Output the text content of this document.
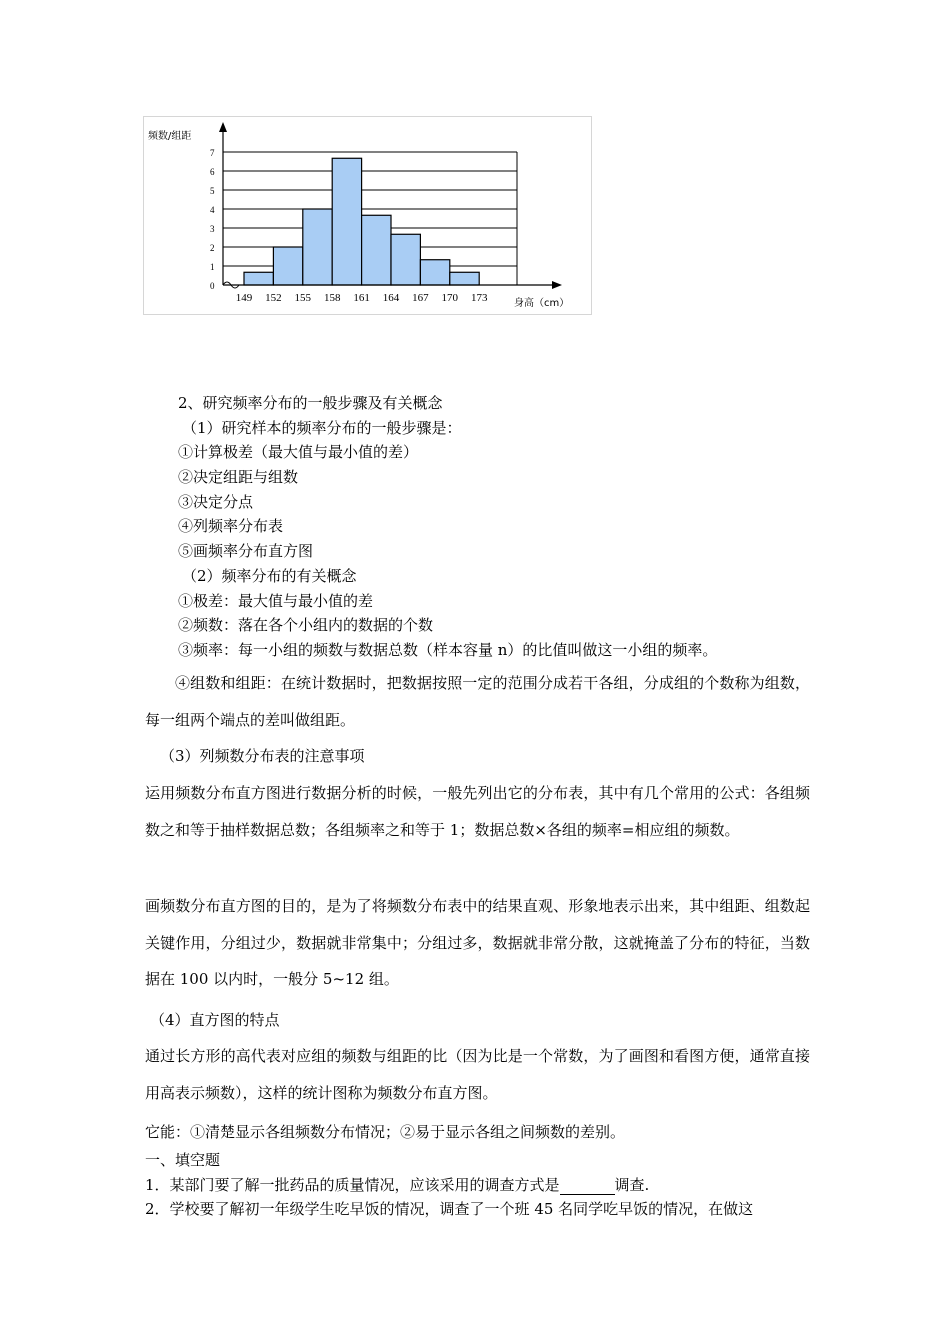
0
1
2
3
4
5
6
7
149 152 155 158 161 164 167 170 173
频数/组距
身高（cm）
2、研究频率分布的一般步骤及有关概念
（1）研究样本的频率分布的一般步骤是：
①计算极差（最大值与最小值的差）
②决定组距与组数
③决定分点
④列频率分布表
⑤画频率分布直方图
（2）频率分布的有关概念
①极差：最大值与最小值的差
②频数：落在各个小组内的数据的个数
③频率：每一小组的频数与数据总数（样本容量 n）的比值叫做这一小组的频率。
④组数和组距：在统计数据时，把数据按照一定的范围分成若干各组，分成组的个数称为组数，每一组两个端点的差叫做组距。
（3）列频数分布表的注意事项
运用频数分布直方图进行数据分析的时候，一般先列出它的分布表，其中有几个常用的公式：各组频数之和等于抽样数据总数；各组频率之和等于 1；数据总数×各组的频率=相应组的频数。
画频数分布直方图的目的，是为了将频数分布表中的结果直观、形象地表示出来，其中组距、组数起关键作用，分组过少，数据就非常集中；分组过多，数据就非常分散，这就掩盖了分布的特征，当数据在 100 以内时，一般分 5~12 组。
（4）直方图的特点
通过长方形的高代表对应组的频数与组距的比（因为比是一个常数，为了画图和看图方便，通常直接用高表示频数），这样的统计图称为频数分布直方图。
它能：①清楚显示各组频数分布情况；②易于显示各组之间频数的差别。
一、填空题
1．某部门要了解一批药品的质量情况，应该采用的调查方式是	调查.
2．学校要了解初一年级学生吃早饭的情况，调查了一个班 45 名同学吃早饭的情况，在做这
